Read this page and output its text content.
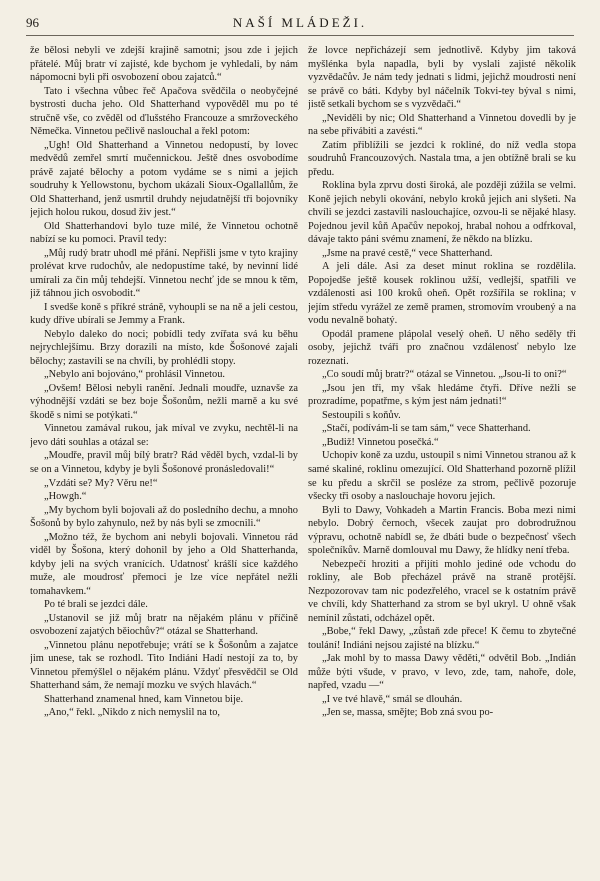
96	NAŠÍ MLÁDEŽI.

že bělosi nebyli ve zdejší krajině samotni; jsou zde i jejich přátelé. Můj bratr ví zajisté, kde bychom je vyhledali, by nám nápomocni byli při osvobození obou zajatců.“

Tato i všechna vůbec řeč Apačova svědčila o neobyčejné bystrosti ducha jeho. Old Shatterhand vypověděl mu po té stručně vše, co zvěděl od ďlušstého Francouze a smržoveckého Němečka. Vinnetou pečlivě naslouchal a řekl potom:

„Ugh! Old Shatterhand a Vinnetou nedopustí, by lovec medvědů zemřel smrtí mučennickou. Ještě dnes osvobodíme právě zajaté bělochy a potom vydáme se s nimi a jejich soudruhy k Yellowstonu, bychom ukázali Sioux-Ogallallům, že Old Shatterhand, jenž usmrtil druhdy nejudatnější tři bojovníky jejich holou rukou, dosud živ jest.“

Old Shatterhandovi bylo tuze milé, že Vinnetou ochotně nabízí se ku pomoci. Pravil tedy:

„Můj rudý bratr uhodl mé přání. Nepřišli jsme v tyto krajiny prolévat krve rudochův, ale nedopustíme také, by nevinní lidé umírali za čin můj tehdejší. Vinnetou nechť jde se mnou k těm, již táhnou jich osvobodit.“

I svedše koně s příkré stráně, vyhoupli se na ně a jeli cestou, kudy dříve ubírali se Jemmy a Frank.

Nebylo daleko do noci; pobídli tedy zvířata svá ku běhu nejrychlejšímu. Brzy dorazili na místo, kde Šošonové zajali bělochy; zastavili se na chvíli, by prohlédli stopy.

„Nebylo ani bojováno,“ prohlásil Vinnetou.

„Ovšem! Bělosi nebyli ranění. Jednali moudře, uznavše za výhodnější vzdáti se bez boje Šošonům, nežli marně a ku své škodě s nimi se potýkati.“

Vinnetou zamával rukou, jak míval ve zvyku, nechtěl-li na jevo dáti souhlas a otázal se:

„Moudře, pravil můj bílý bratr? Rád věděl bych, vzdal-li by se on a Vinnetou, kdyby je byli Šošonové pronásledovali!“

„Vzdáti se? My? Věru ne!“

„Howgh.“

„My bychom byli bojovali až do posledního dechu, a mnoho Šošonů by bylo zahynulo, než by nás byli se zmocnili.“

„Možno též, že bychom ani nebyli bojovali. Vinnetou rád viděl by Šošona, který dohonil by jeho a Old Shatterhanda, kdyby jeli na svých vranících. Udatnosť krášlí sice každého muže, ale moudrosť přemoci je lze více nepřátel nežli tomahavkem.“

Po té brali se jezdci dále.

„Ustanovil se již můj bratr na nějakém plánu v příčině osvobození zajatých běiochův?“ otázal se Shatterhand.

„Vinnetou plánu nepotřebuje; vrátí se k Šošonům a zajatce jim unese, tak se rozhodl. Tito Indiáni Hadí nestojí za to, by Vinnetou přemýšlel o nějakém plánu. Vždyť přesvědčil se Old Shatterhand sám, že nemají mozku ve svých hlavách.“

Shatterhand znamenal hned, kam Vinnetou bije.

„Ano,“ řekl. „Nikdo z nich nemyslil na to,

že lovce nepřicházejí sem jednotlivě. Kdyby jim taková myšlénka byla napadla, byli by vyslali zajisté několik vyzvědačův. Je nám tedy jednati s lidmi, jejichž moudrosti není se právě co báti. Kdyby byl náčelník Tokvi-tey býval s nimi, jistě setkali bychom se s vyzvědači.“

„Neviděli by nic; Old Shatterhand a Vinnetou dovedli by je na sebe přivábiti a zavésti.“

Zatím přiblížili se jezdci k rokliné, do níž vedla stopa soudruhů Francouzových. Nastala tma, a jen obtížně brali se ku předu.

Roklina byla zprvu dosti široká, ale později zúžila se velmi. Koně jejich nebyli okování, nebylo kroků jejich ani slyšeti. Na chvíli se jezdci zastavili naslouchajíce, ozvou-li se nějaké hlasy. Pojednou jevil kůň Apačův nepokoj, hrabal nohou a odfrkoval, dávaje takto páni svému znamení, že někdo na blízku.

„Jsme na pravé cestě,“ vece Shatterhand.

A jeli dále. Asi za deset minut roklina se rozdělila. Popojedše ještě kousek roklinou užší, vedlejší, spatřili ve vzdálenosti asi 100 kroků oheň. Opět rozšířila se roklina; v jejím středu vyrážel ze země pramen, stromovím vroubený a na vodu nevalně bohatý.

Opodál pramene plápolal veselý oheň. U něho seděly tři osoby, jejichž tváři pro značnou vzdálenosť nebylo lze rozeznati.

„Co soudí můj bratr?“ otázal se Vinnetou. „Jsou-li to oni?“

„Jsou jen tři, my však hledáme čtyři. Dříve nežli se prozradíme, popatřme, s kým jest nám jednati!“

Sestoupili s koňův.

„Stačí, podívám-li se tam sám,“ vece Shatterhand.

„Budiž! Vinnetou posečká.“

Uchopiv koně za uzdu, ustoupil s nimi Vinnetou stranou až k samé skaliné, roklinu omezující. Old Shatterhand pozorně plížil se ku předu a skrčil se posléze za strom, pečlivě pozoruje všecky tři osoby a naslouchaje hovoru jejich.

Byli to Dawy, Vohkadeh a Martin Francis. Boba mezi nimi nebylo. Dobrý černoch, všecek zaujat pro dobrodružnou výpravu, ochotně nabídl se, že dbáti bude o bezpečnosť všech společníkův. Marně domlouval mu Dawy, že hlídky není třeba.

Nebezpečí hroziti a přijíti mohlo jediné ode vchodu do rokliny, ale Bob přecházel právě na straně protější. Nezpozorovav tam nic podezřelého, vracel se k ostatním právě ve chvíli, kdy Shatterhand za strom se byl ukryl. U ohně však nemínil zůstati, odcházel opět.

„Bobe,“ řekl Dawy, „zůstaň zde přece! K čemu to zbytečné toulání! Indiáni nejsou zajisté na blízku.“

„Jak mohl by to massa Dawy věděti,“ odvětil Bob. „Indián může býti všude, v pravo, v levo, zde, tam, nahoře, dole, napřed, vzadu —“

„I ve tvé hlavě,“ smál se dlouhán.

„Jen se, massa, smějte; Bob zná svou po-
